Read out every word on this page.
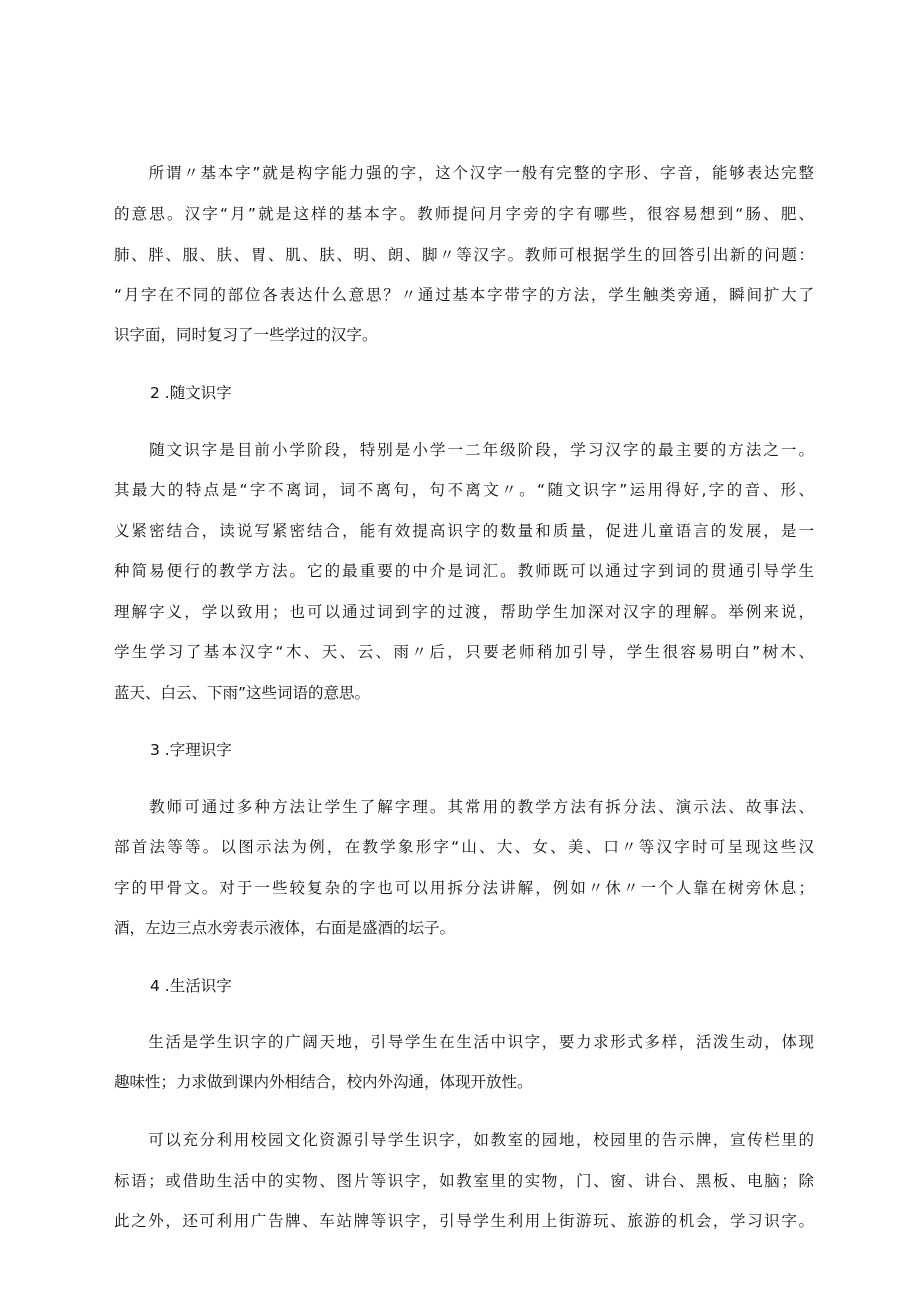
　　所谓〃基本字”就是构字能力强的字，这个汉字一般有完整的字形、字音，能够表达完整
的意思。汉字“月”就是这样的基本字。教师提问月字旁的字有哪些，很容易想到“肠、肥、
肺、胖、服、肤、胃、肌、肤、明、朗、脚〃等汉字。教师可根据学生的回答引出新的问题：
“月字在不同的部位各表达什么意思？〃通过基本字带字的方法，学生触类旁通，瞬间扩大了
识字面，同时复习了一些学过的汉字。
2 .随文识字
　　随文识字是目前小学阶段，特别是小学一二年级阶段，学习汉字的最主要的方法之一。
其最大的特点是“字不离词，词不离句，句不离文〃。“随文识字”运用得好,字的音、形、
义紧密结合，读说写紧密结合，能有效提高识字的数量和质量，促进儿童语言的发展，是一
种简易便行的教学方法。它的最重要的中介是词汇。教师既可以通过字到词的贯通引导学生
理解字义，学以致用；也可以通过词到字的过渡，帮助学生加深对汉字的理解。举例来说，
学生学习了基本汉字“木、天、云、雨〃后，只要老师稍加引导，学生很容易明白”树木、
蓝天、白云、下雨”这些词语的意思。
3 .字理识字
　　教师可通过多种方法让学生了解字理。其常用的教学方法有拆分法、演示法、故事法、
部首法等等。以图示法为例，在教学象形字“山、大、女、美、口〃等汉字时可呈现这些汉
字的甲骨文。对于一些较复杂的字也可以用拆分法讲解，例如〃休〃一个人靠在树旁休息；
酒，左边三点水旁表示液体，右面是盛酒的坛子。
4 .生活识字
　　生活是学生识字的广阔天地，引导学生在生活中识字，要力求形式多样，活泼生动，体现
趣味性；力求做到课内外相结合，校内外沟通，体现开放性。
　　可以充分利用校园文化资源引导学生识字，如教室的园地，校园里的告示牌，宣传栏里的
标语；或借助生活中的实物、图片等识字，如教室里的实物，门、窗、讲台、黑板、电脑；除
此之外，还可利用广告牌、车站牌等识字，引导学生利用上街游玩、旅游的机会，学习识字。
